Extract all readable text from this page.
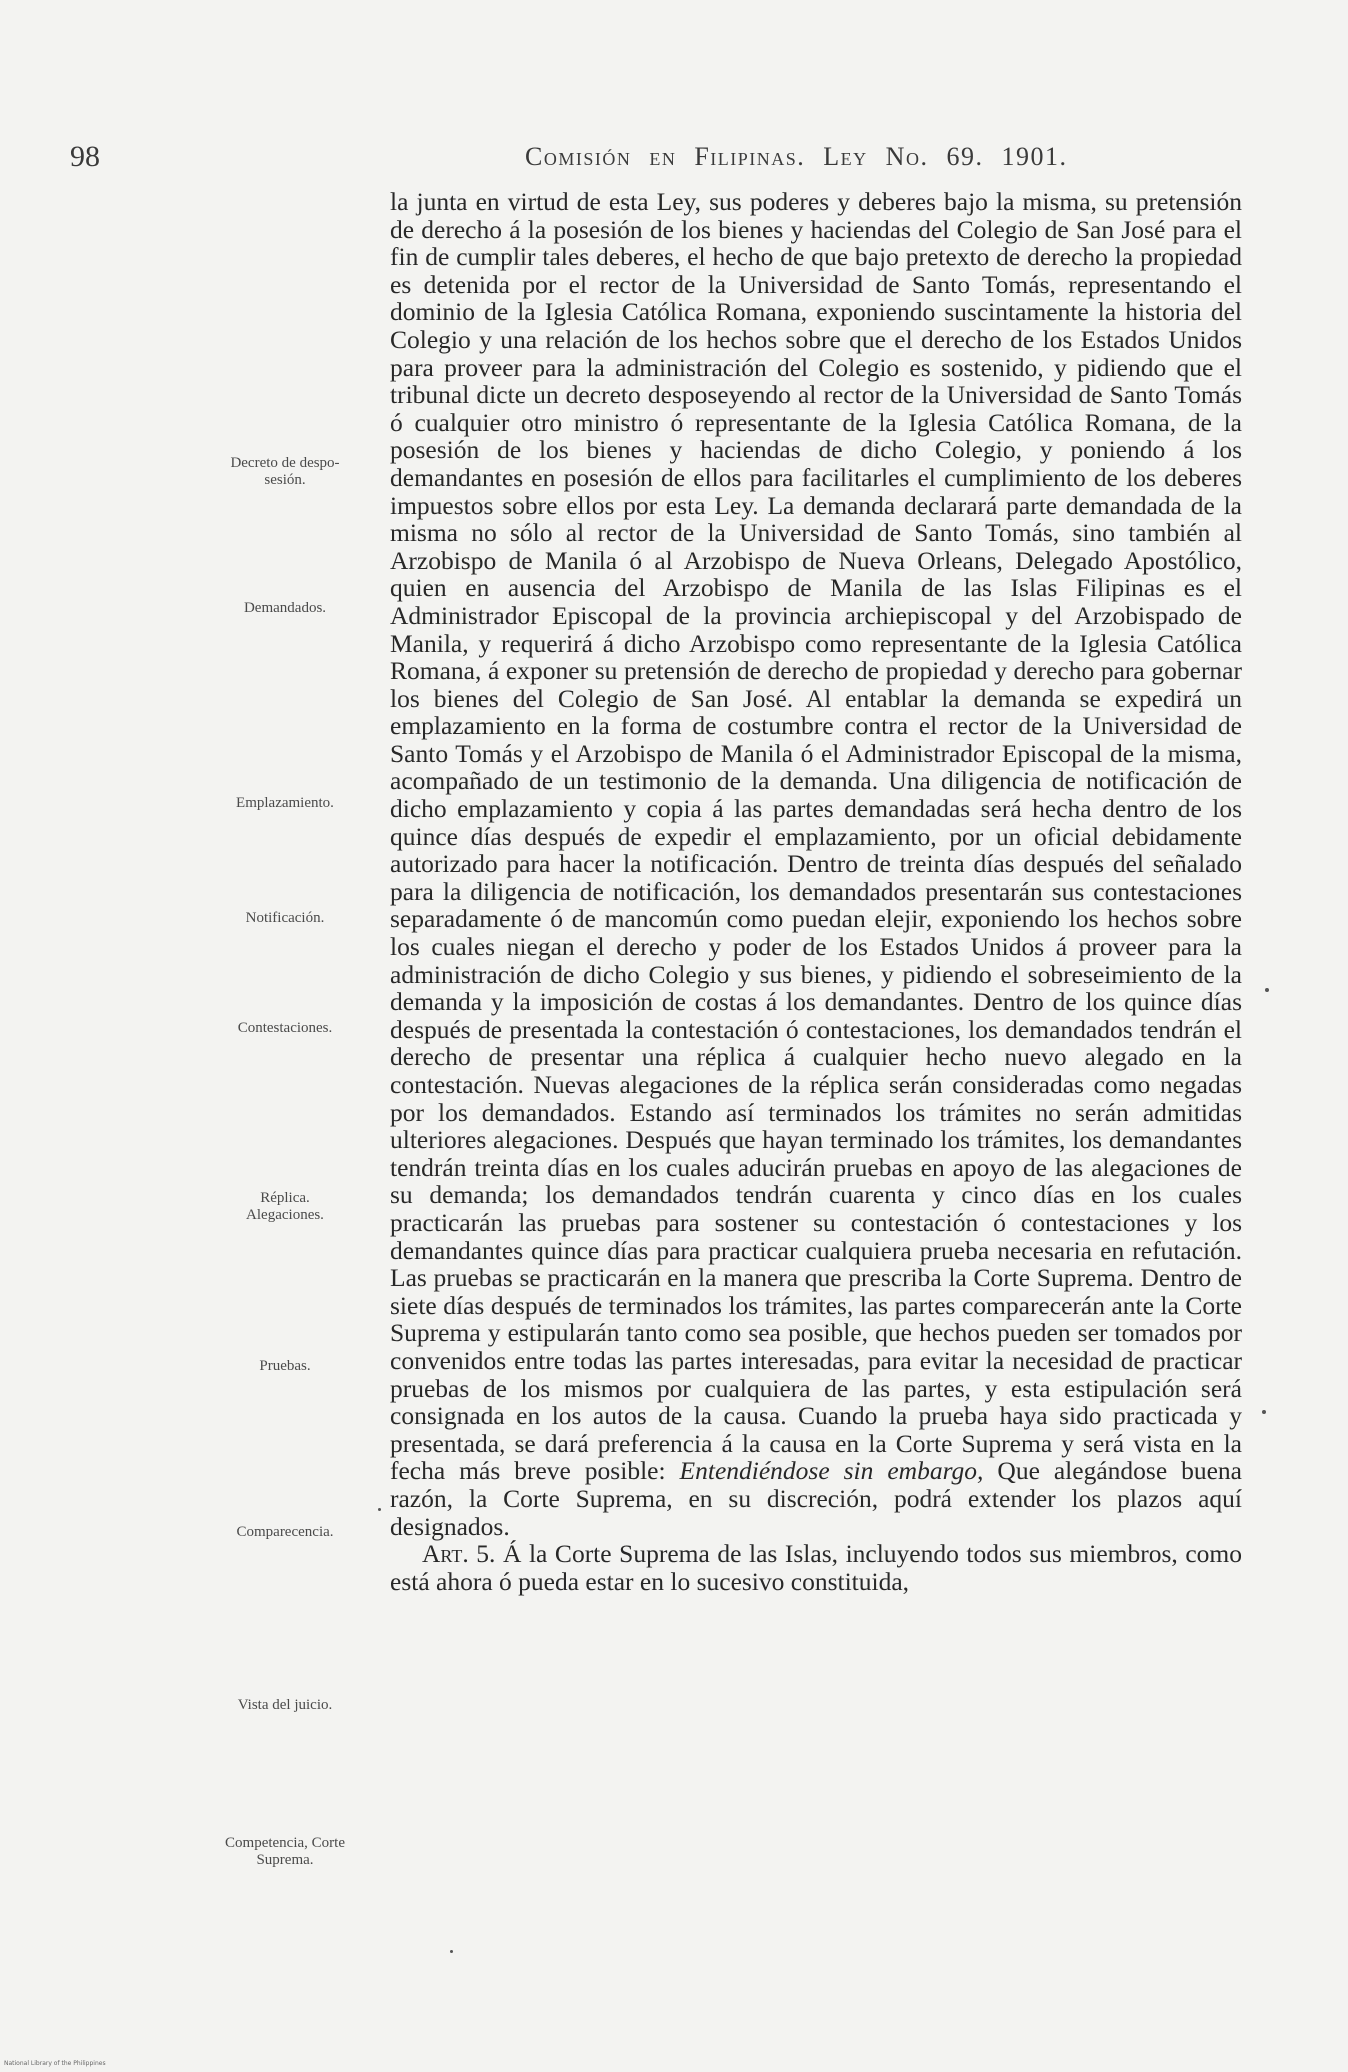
98	Comisión en Filipinas. Ley No. 69. 1901.
Decreto de despo-
sesión.
Demandados.
Emplazamiento.
Notificación.
Contestaciones.
Réplica.
Alegaciones.
Pruebas.
Comparecencia.
Vista del juicio.
Competencia, Corte
Suprema.

la junta en virtud de esta Ley, sus poderes y deberes bajo la misma, su pretensión de derecho á la posesión de los bienes y haciendas del Colegio de San José para el fin de cumplir tales deberes, el hecho de que bajo pretexto de derecho la propiedad es detenida por el rector de la Universidad de Santo Tomás, representando el dominio de la Iglesia Católica Romana, exponiendo suscintamente la historia del Colegio y una relación de los hechos sobre que el derecho de los Estados Unidos para proveer para la administración del Colegio es sostenido, y pidiendo que el tribunal dicte un decreto desposeyendo al rector de la Universidad de Santo Tomás ó cualquier otro ministro ó representante de la Iglesia Católica Romana, de la posesión de los bienes y haciendas de dicho Colegio, y poniendo á los demandantes en posesión de ellos para facilitarles el cumplimiento de los deberes impuestos sobre ellos por esta Ley. La demanda declarará parte demandada de la misma no sólo al rector de la Universidad de Santo Tomás, sino también al Arzobispo de Manila ó al Arzobispo de Nueva Orleans, Delegado Apostólico, quien en ausencia del Arzobispo de Manila de las Islas Filipinas es el Administrador Episcopal de la provincia archiepiscopal y del Arzobispado de Manila, y requerirá á dicho Arzobispo como representante de la Iglesia Católica Romana, á exponer su pretensión de derecho de propiedad y derecho para gobernar los bienes del Colegio de San José. Al entablar la demanda se expedirá un emplazamiento en la forma de costumbre contra el rector de la Universidad de Santo Tomás y el Arzobispo de Manila ó el Administrador Episcopal de la misma, acompañado de un testimonio de la demanda. Una diligencia de notificación de dicho emplazamiento y copia á las partes demandadas será hecha dentro de los quince días después de expedir el emplazamiento, por un oficial debidamente autorizado para hacer la notificación. Dentro de treinta días después del señalado para la diligencia de notificación, los demandados presentarán sus contestaciones separadamente ó de mancomún como puedan elejir, exponiendo los hechos sobre los cuales niegan el derecho y poder de los Estados Unidos á proveer para la administración de dicho Colegio y sus bienes, y pidiendo el sobreseimiento de la demanda y la imposición de costas á los demandantes. Dentro de los quince días después de presentada la contestación ó contestaciones, los demandados tendrán el derecho de presentar una réplica á cualquier hecho nuevo alegado en la contestación. Nuevas alegaciones de la réplica serán consideradas como negadas por los demandados. Estando así terminados los trámites no serán admitidas ulteriores alegaciones. Después que hayan terminado los trámites, los demandantes tendrán treinta días en los cuales aducirán pruebas en apoyo de las alegaciones de su demanda; los demandados tendrán cuarenta y cinco días en los cuales practicarán las pruebas para sostener su contestación ó contestaciones y los demandantes quince días para practicar cualquiera prueba necesaria en refutación. Las pruebas se practicarán en la manera que prescriba la Corte Suprema. Dentro de siete días después de terminados los trámites, las partes comparecerán ante la Corte Suprema y estipularán tanto como sea posible, que hechos pueden ser tomados por convenidos entre todas las partes interesadas, para evitar la necesidad de practicar pruebas de los mismos por cualquiera de las partes, y esta estipulación será consignada en los autos de la causa. Cuando la prueba haya sido practicada y presentada, se dará preferencia á la causa en la Corte Suprema y será vista en la fecha más breve posible: Entendiéndose sin embargo, Que alegándose buena razón, la Corte Suprema, en su discreción, podrá extender los plazos aquí designados.

Art. 5. Á la Corte Suprema de las Islas, incluyendo todos sus miembros, como está ahora ó pueda estar en lo sucesivo constituida,

National Library of the Philippines
